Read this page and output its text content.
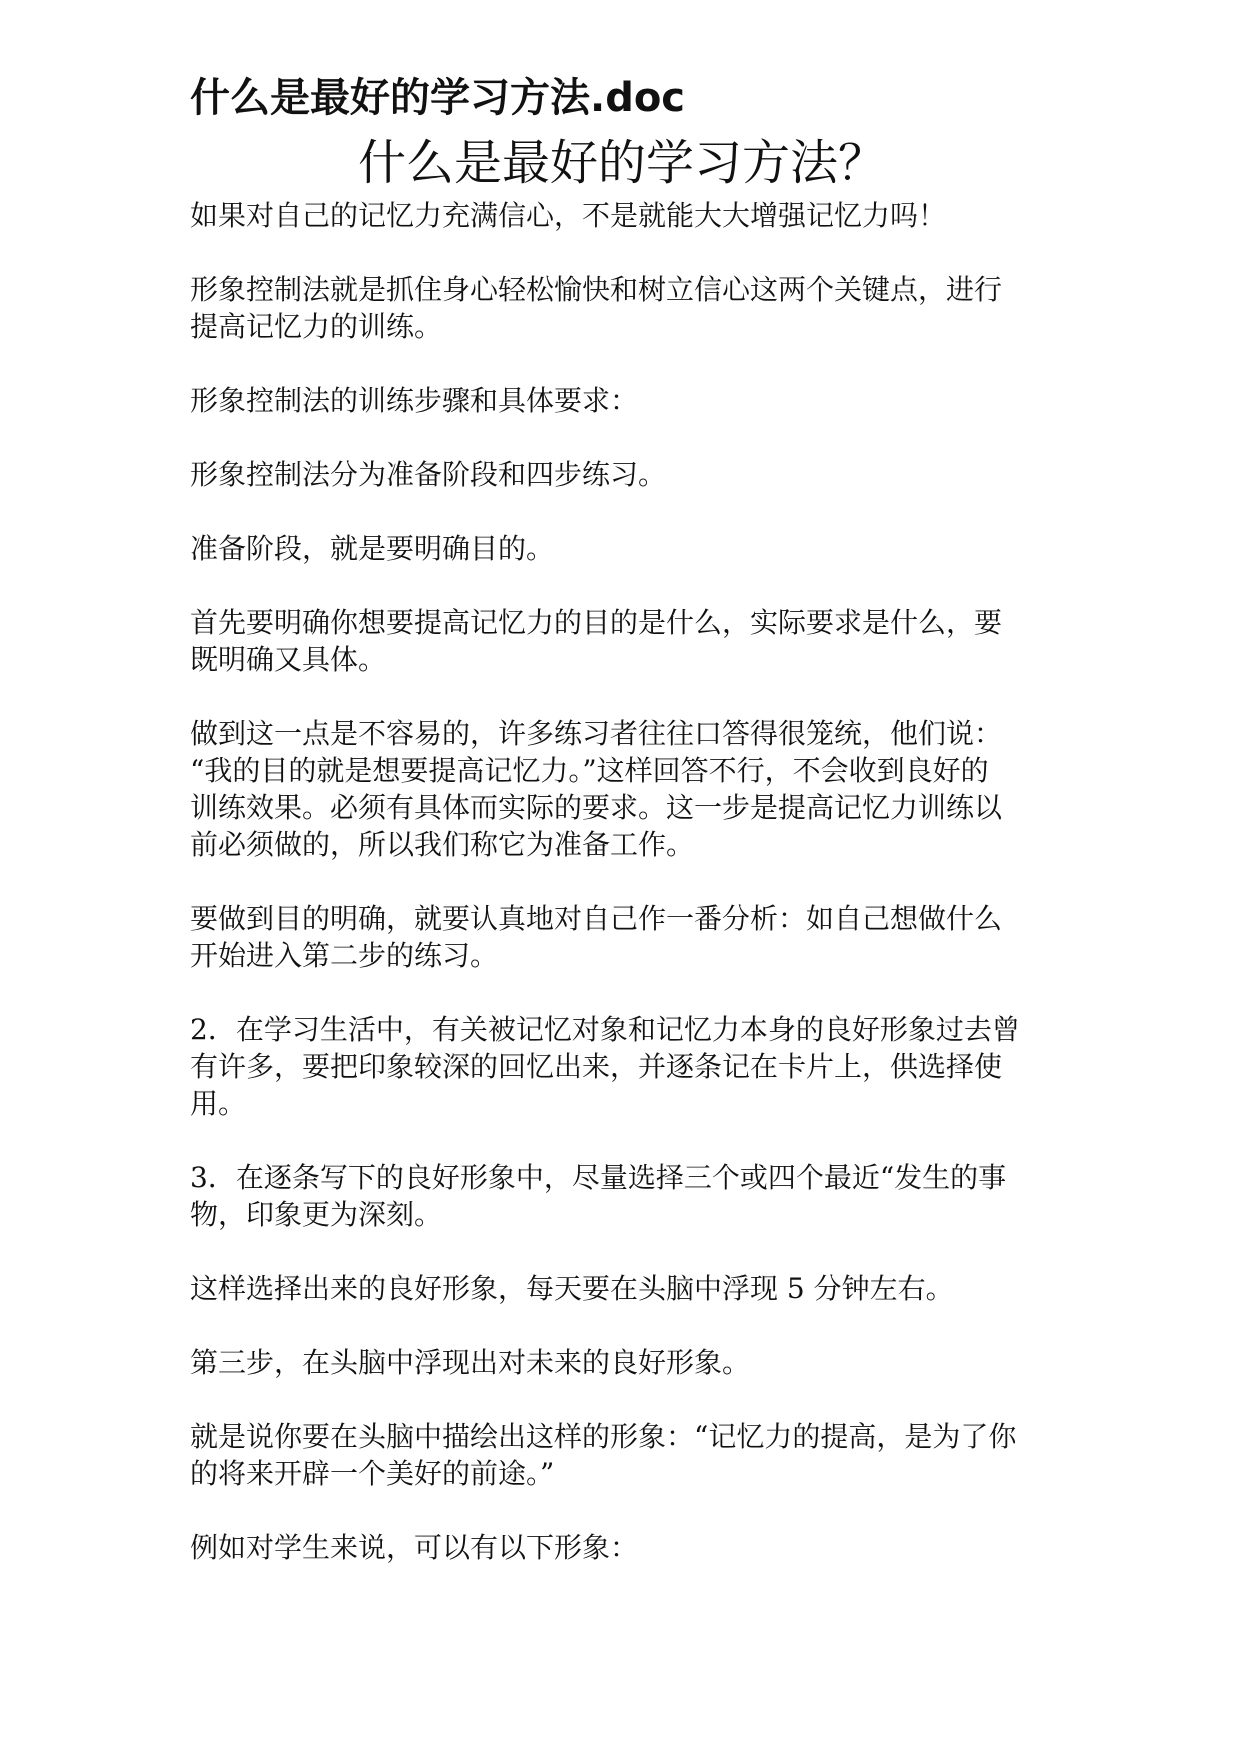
什么是最好的学习方法.doc
什么是最好的学习方法？

如果对自己的记忆力充满信心，不是就能大大增强记忆力吗！

形象控制法就是抓住身心轻松愉快和树立信心这两个关键点，进行
提高记忆力的训练。

形象控制法的训练步骤和具体要求：

形象控制法分为准备阶段和四步练习。

准备阶段，就是要明确目的。

首先要明确你想要提高记忆力的目的是什么，实际要求是什么，要
既明确又具体。

做到这一点是不容易的，许多练习者往往口答得很笼统，他们说：
“我的目的就是想要提高记忆力。”这样回答不行，不会收到良好的
训练效果。必须有具体而实际的要求。这一步是提高记忆力训练以
前必须做的，所以我们称它为准备工作。

要做到目的明确，就要认真地对自己作一番分析：如自己想做什么
开始进入第二步的练习。

2．在学习生活中，有关被记忆对象和记忆力本身的良好形象过去曾
有许多，要把印象较深的回忆出来，并逐条记在卡片上，供选择使
用。

3．在逐条写下的良好形象中，尽量选择三个或四个最近“发生的事
物，印象更为深刻。

这样选择出来的良好形象，每天要在头脑中浮现 5 分钟左右。

第三步，在头脑中浮现出对未来的良好形象。

就是说你要在头脑中描绘出这样的形象：“记忆力的提高，是为了你
的将来开辟一个美好的前途。”

例如对学生来说，可以有以下形象：
